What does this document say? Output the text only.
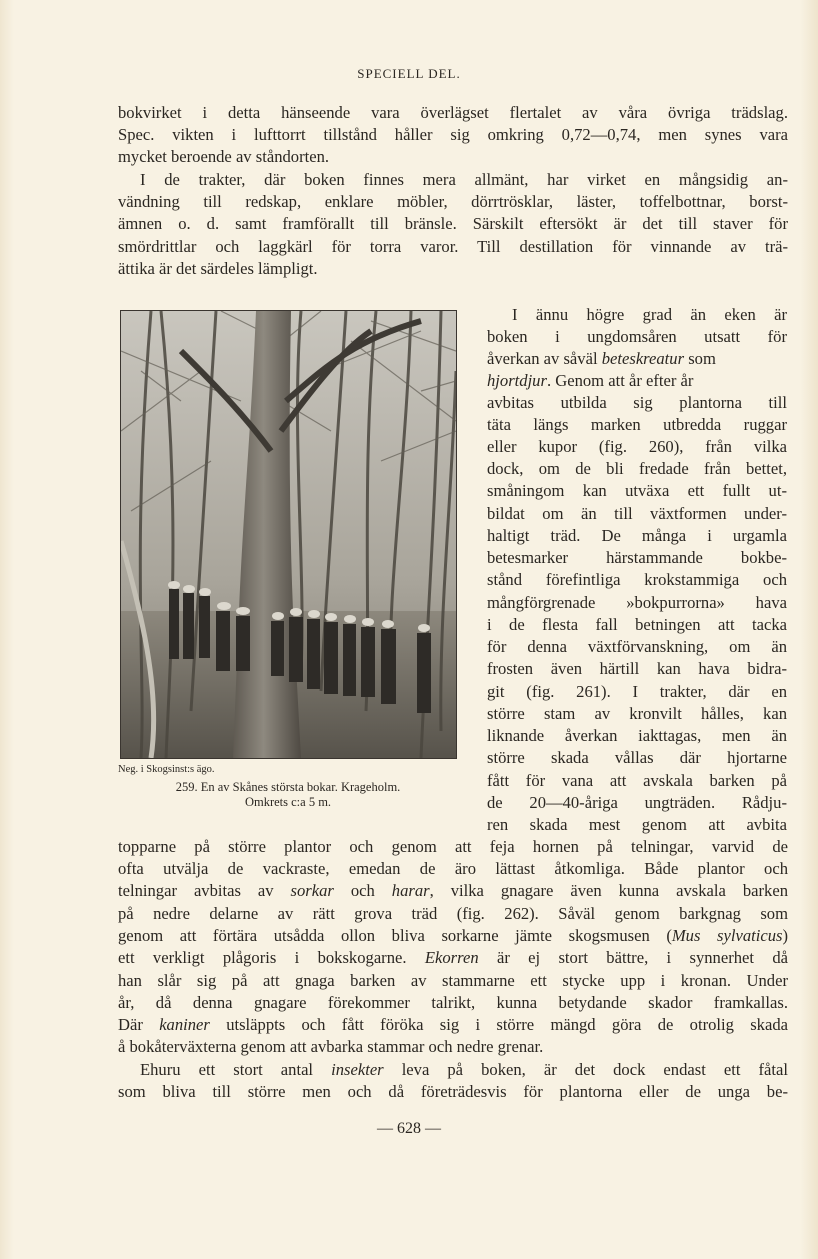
SPECIELL DEL.
bokvirket i detta hänseende vara överlägset flertalet av våra övriga trädslag.
Spec. vikten i lufttorrt tillstånd håller sig omkring 0,72—0,74, men synes vara
mycket beroende av ståndorten.
I de trakter, där boken finnes mera allmänt, har virket en mångsidig an-
vändning till redskap, enklare möbler, dörrtrösklar, läster, toffelbottnar, borst-
ämnen o. d. samt framförallt till bränsle. Särskilt eftersökt är det till staver för
smördrittlar och laggkärl för torra varor. Till destillation för vinnande av trä-
ättika är det särdeles lämpligt.
Neg. i Skogsinst:s ägo.
259. En av Skånes största bokar. Krageholm.
Omkrets c:a 5 m.
I ännu högre grad än eken är
boken i ungdomsåren utsatt för
åverkan av såväl beteskreatur som
hjortdjur. Genom att år efter år
avbitas utbilda sig plantorna till
täta längs marken utbredda ruggar
eller kupor (fig. 260), från vilka
dock, om de bli fredade från bettet,
småningom kan utväxa ett fullt ut-
bildat om än till växtformen under-
haltigt träd. De många i urgamla
betesmarker härstammande bokbe-
stånd förefintliga krokstammiga och
mångförgrenade »bokpurrorna» hava
i de flesta fall betningen att tacka
för denna växtförvanskning, om än
frosten även härtill kan hava bidra-
git (fig. 261). I trakter, där en
större stam av kronvilt hålles, kan
liknande åverkan iakttagas, men än
större skada vållas där hjortarne
fått för vana att avskala barken på
de 20—40-åriga ungträden. Rådju-
ren skada mest genom att avbita
topparne på större plantor och genom att feja hornen på telningar, varvid de
ofta utvälja de vackraste, emedan de äro lättast åtkomliga. Både plantor och
telningar avbitas av sorkar och harar, vilka gnagare även kunna avskala barken
på nedre delarne av rätt grova träd (fig. 262). Såväl genom barkgnag som
genom att förtära utsådda ollon bliva sorkarne jämte skogsmusen (Mus sylvaticus)
ett verkligt plågoris i bokskogarne. Ekorren är ej stort bättre, i synnerhet då
han slår sig på att gnaga barken av stammarne ett stycke upp i kronan. Under
år, då denna gnagare förekommer talrikt, kunna betydande skador framkallas.
Där kaniner utsläppts och fått föröka sig i större mängd göra de otrolig skada
å bokåterväxterna genom att avbarka stammar och nedre grenar.
Ehuru ett stort antal insekter leva på boken, är det dock endast ett fåtal
som bliva till större men och då företrädesvis för plantorna eller de unga be-
— 628 —
